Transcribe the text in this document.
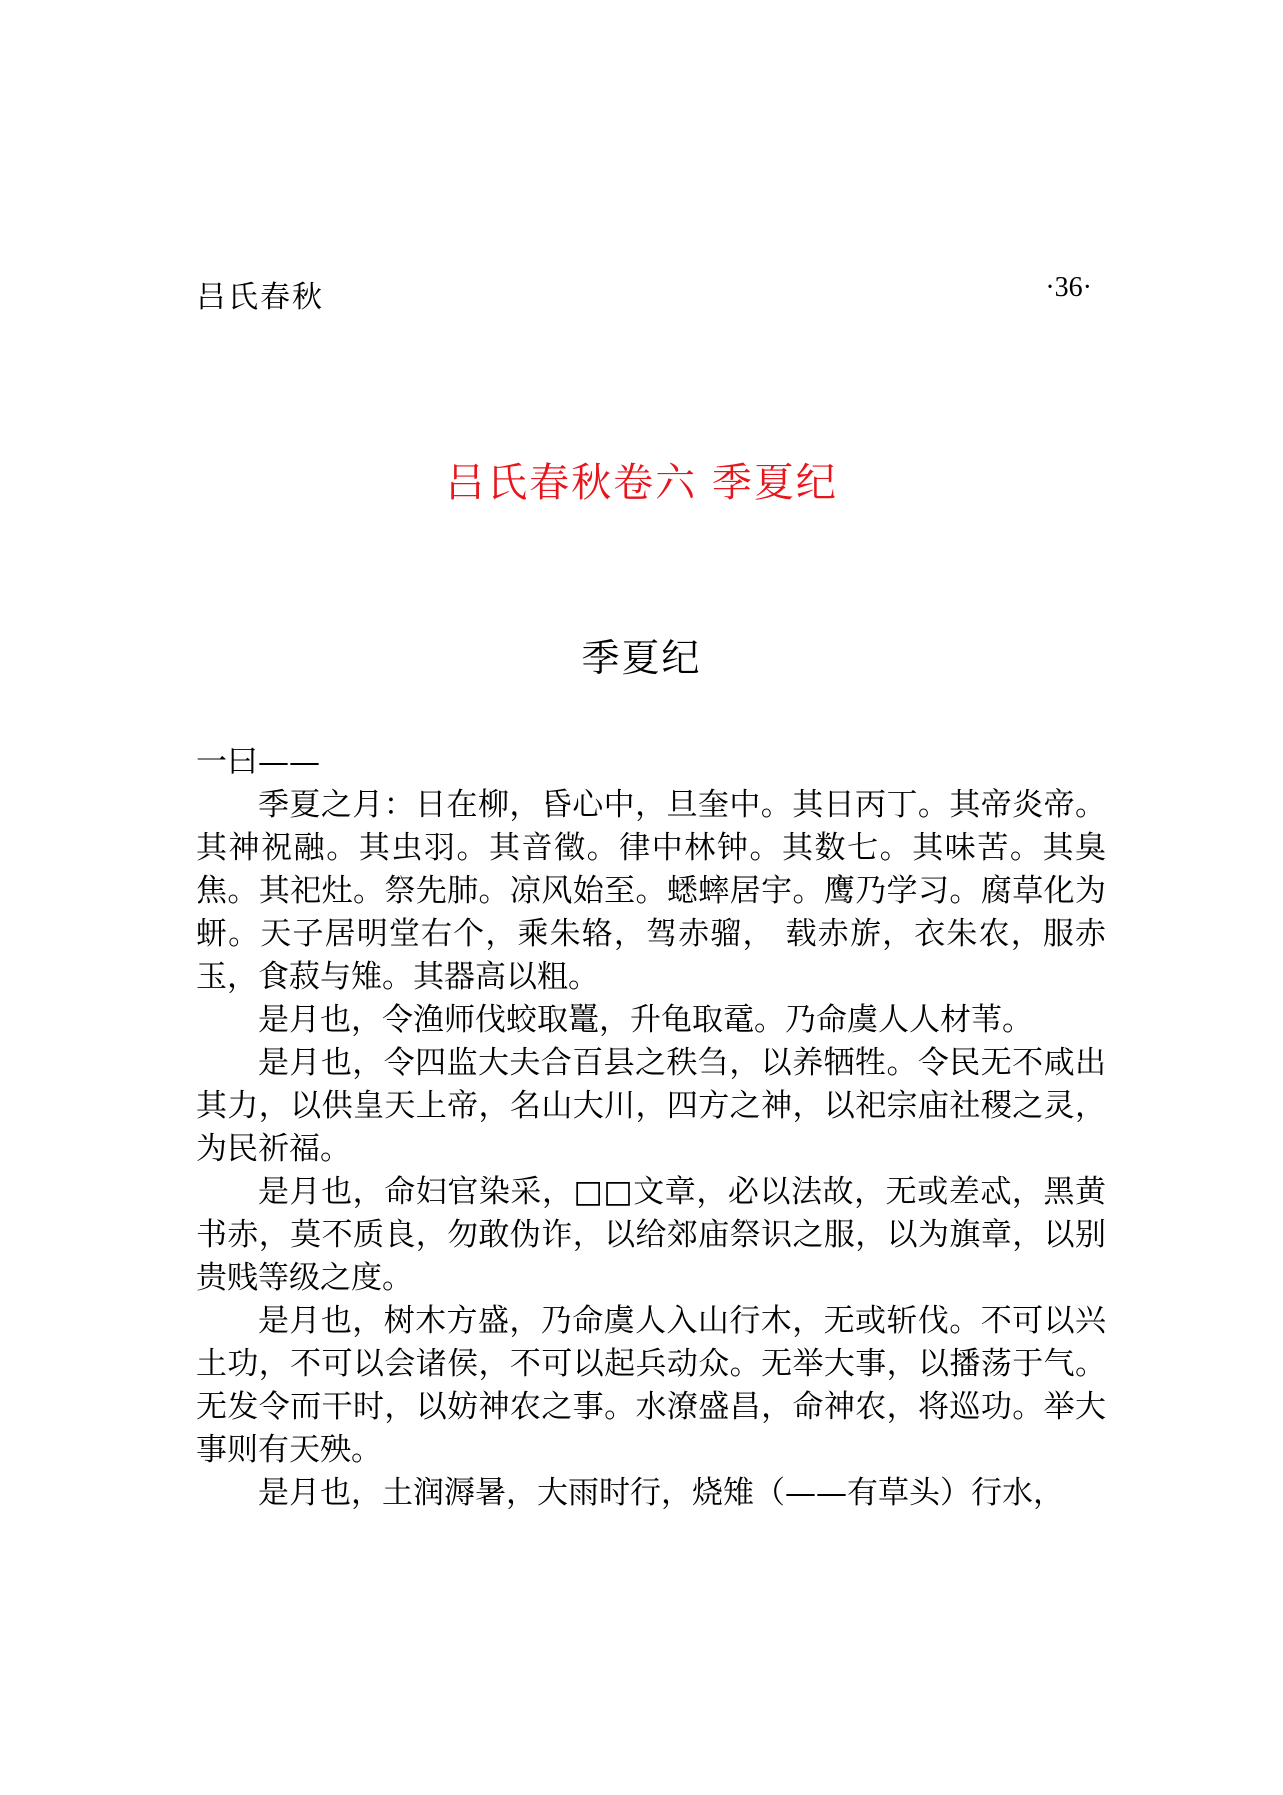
吕氏春秋	·36·
吕氏春秋卷六 季夏纪
季夏纪

一曰——

季夏之月：日在柳，昏心中，旦奎中。其日丙丁。其帝炎帝。其神祝融。其虫羽。其音徵。律中林钟。其数七。其味苦。其臭焦。其祀灶。祭先肺。凉风始至。蟋蟀居宇。鹰乃学习。腐草化为蚈。天子居明堂右个，乘朱辂，驾赤骝， 载赤旂，衣朱农，服赤玉，食菽与雉。其器高以粗。

是月也，令渔师伐蛟取鼍，升龟取鼋。乃命虞人人材苇。

是月也，令四监大夫合百县之秩刍，以养牺牲。令民无不咸出其力，以供皇天上帝，名山大川，四方之神，以祀宗庙社稷之灵，为民祈福。

是月也，命妇官染采，□□文章，必以法故，无或差忒，黑黄书赤，莫不质良，勿敢伪诈，以给郊庙祭识之服，以为旗章，以别贵贱等级之度。

是月也，树木方盛，乃命虞人入山行木，无或斩伐。不可以兴土功，不可以会诸侯，不可以起兵动众。无举大事，以播荡于气。无发令而干时，以妨神农之事。水潦盛昌，命神农，将巡功。举大事则有天殃。

是月也，土润溽暑，大雨时行，烧雉（——有草头）行水，
